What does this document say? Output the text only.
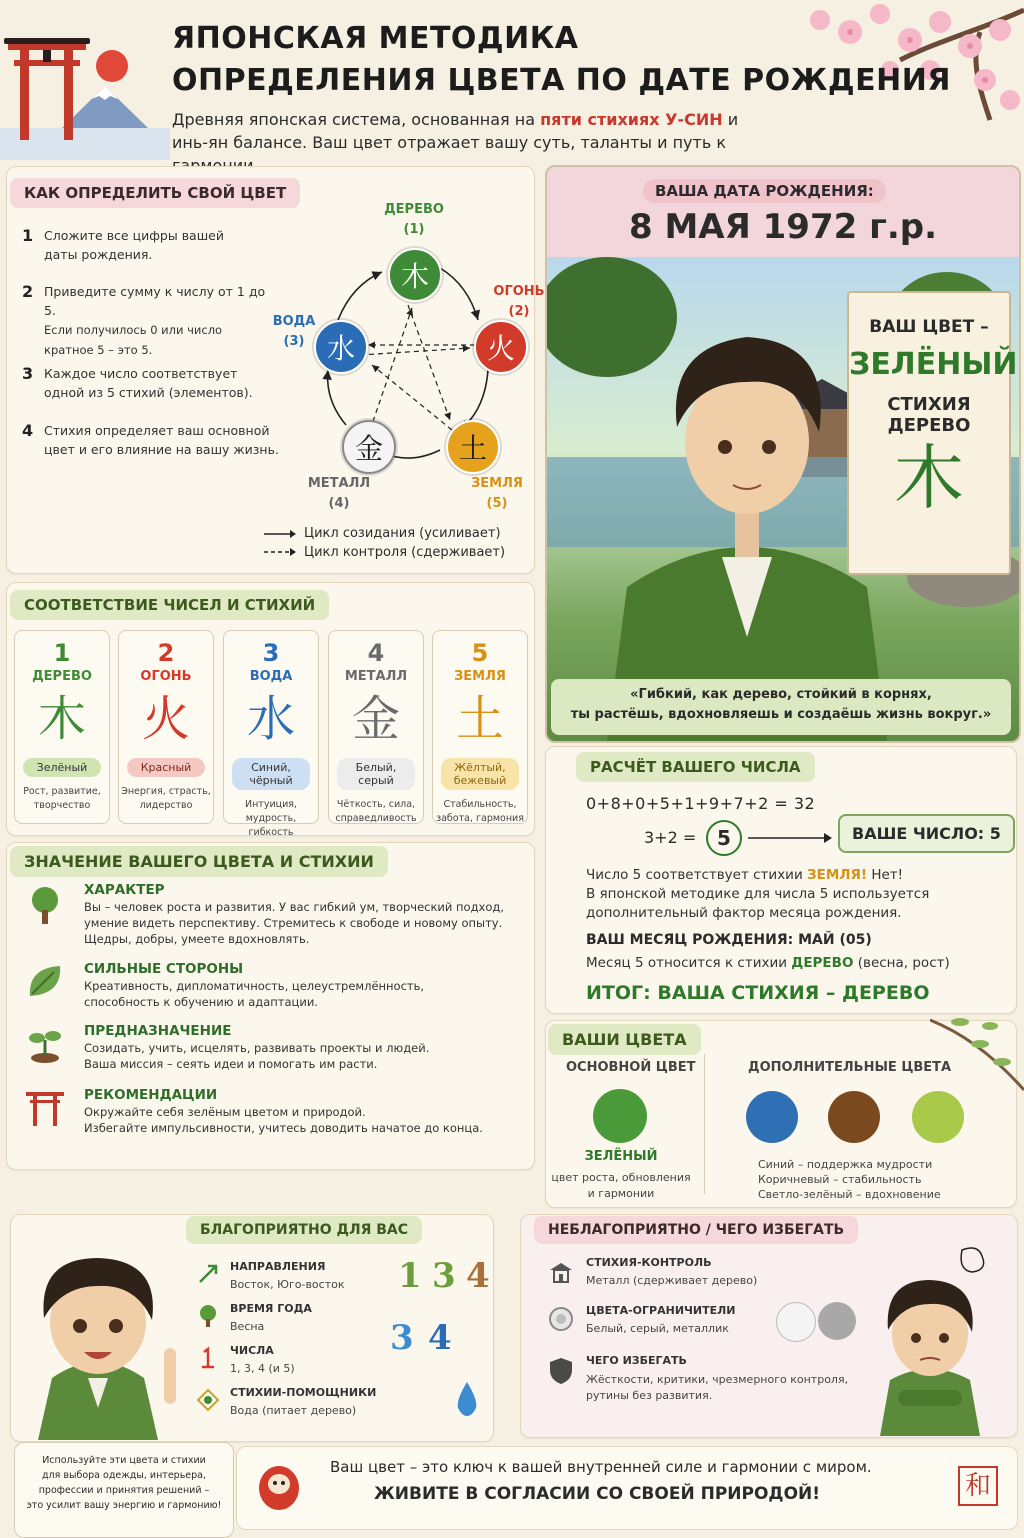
ЯПОНСКАЯ МЕТОДИКА
ОПРЕДЕЛЕНИЯ ЦВЕТА ПО ДАТЕ РОЖДЕНИЯ
Древняя японская система, основанная на пяти стихиях У-СИН и
инь-ян балансе. Ваш цвет отражает вашу суть, таланты и путь к
КАК ОПРЕДЕЛИТЬ СВОЙ ЦВЕТ
1 Сложите все цифры вашей даты рождения.
2 Приведите сумму к числу от 1 до 5.
Если получилось 0 или число кратное 5 – это 5.
3 Каждое число соответствует одной из 5 стихий (элементов).
4 Стихия определяет ваш основной цвет и его влияние на вашу жизнь.
木
火
土
金
水
ДЕРЕВО
(1)
ОГОНЬ
(2)
ЗЕМЛЯ
(5)
МЕТАЛЛ
(4)
ВОДА
(3)
Цикл созидания (усиливает)
Цикл контроля (сдерживает)
ВАША ДАТА РОЖДЕНИЯ:
8 МАЯ 1972 г.р.
ВАШ ЦВЕТ –
ЗЕЛЁНЫЙ
СТИХИЯ
ДЕРЕВО
木
«Гибкий, как дерево, стойкий в корнях,
ты растёшь, вдохновляешь и создаёшь жизнь вокруг.»
СООТВЕТСТВИЕ ЧИСЕЛ И СТИХИЙ
1
ДЕРЕВО
木
Зелёный
Рост, развитие,
творчество
2
ОГОНЬ
火
Красный
Энергия, страсть,
лидерство
3
ВОДА
水
Синий, чёрный
Интуиция, мудрость,
гибкость
4
МЕТАЛЛ
金
Белый, серый
Чёткость, сила,
справедливость
5
ЗЕМЛЯ
土
Жёлтый, бежевый
Стабильность,
забота, гармония
ЗНАЧЕНИЕ ВАШЕГО ЦВЕТА И СТИХИИ
ХАРАКТЕР
Вы – человек роста и развития. У вас гибкий ум, творческий подход,
умение видеть перспективу. Стремитесь к свободе и новому опыту.
Щедры, добры, умеете вдохновлять.
СИЛЬНЫЕ СТОРОНЫ
Креативность, дипломатичность, целеустремлённость,
способность к обучению и адаптации.
ПРЕДНАЗНАЧЕНИЕ
Созидать, учить, исцелять, развивать проекты и людей.
Ваша миссия – сеять идеи и помогать им расти.
РЕКОМЕНДАЦИИ
Окружайте себя зелёным цветом и природой.
Избегайте импульсивности, учитесь доводить начатое до конца.
РАСЧЁТ ВАШЕГО ЧИСЛА
0+8+0+5+1+9+7+2 = 32
3+2 =	5	ВАШЕ ЧИСЛО: 5
Число 5 соответствует стихии ЗЕМЛЯ! Нет!
В японской методике для числа 5 используется
дополнительный фактор месяца рождения.
ВАШ МЕСЯЦ РОЖДЕНИЯ: МАЙ (05)
Месяц 5 относится к стихии ДЕРЕВО (весна, рост)
ИТОГ: ВАША СТИХИЯ – ДЕРЕВО
ВАШИ ЦВЕТА
ОСНОВНОЙ ЦВЕТ
ЗЕЛЁНЫЙ
цвет роста, обновления
и гармонии
ДОПОЛНИТЕЛЬНЫЕ ЦВЕТА
Синий – поддержка мудрости
Коричневый – стабильность
Светло-зелёный – вдохновение
БЛАГОПРИЯТНО ДЛЯ ВАС
НАПРАВЛЕНИЯ
Восток, Юго-восток
ВРЕМЯ ГОДА
Весна
ЧИСЛА
1, 3, 4 (и 5)
СТИХИИ-ПОМОЩНИКИ
Вода (питает дерево)
1 3 4
3 4
НЕБЛАГОПРИЯТНО / ЧЕГО ИЗБЕГАТЬ
СТИХИЯ-КОНТРОЛЬ
Металл (сдерживает дерево)
ЦВЕТА-ОГРАНИЧИТЕЛИ
Белый, серый, металлик
ЧЕГО ИЗБЕГАТЬ
Жёсткости, критики, чрезмерного контроля,
рутины без развития.
Используйте эти цвета и стихии
для выбора одежды, интерьера,
профессии и принятия решений –
это усилит вашу энергию и гармонию!
Ваш цвет – это ключ к вашей внутренней силе и гармонии с миром.
ЖИВИТЕ В СОГЛАСИИ СО СВОЕЙ ПРИРОДОЙ!	和
